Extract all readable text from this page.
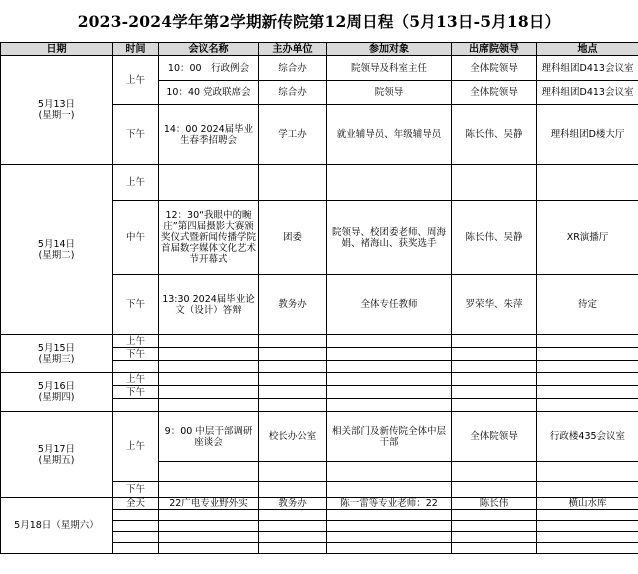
2023-2024学年第2学期新传院第12周日程（5月13日-5月18日）
日期	时间	会议名称	主办单位	参加对象	出席院领导	地点
5月13日
(星期一)	上午	10：00　行政例会	综合办	院领导及科室主任	全体院领导	理科组团D413会议室
		10：40 党政联席会	综合办	院领导	全体院领导	理科组团D413会议室
	下午	14：00 2024届毕业生春季招聘会	学工办	就业辅导员、年级辅导员	陈长伟、吴静	理科组团D楼大厅
5月14日
(星期二)	上午					
	中午	12：30“我眼中的畹庄”第四届摄影大赛颁奖仪式暨新闻传播学院首届数字媒体文化艺术节开幕式	团委	院领导、校团委老师、周海娟、褚海山、获奖选手	陈长伟、吴静	XR演播厅
	下午	13:30 2024届毕业论文（设计）答辩	教务办	全体专任教师	罗荣华、朱萍	待定
5月15日
(星期三)	上午					
	下午					

5月16日
(星期四)	上午					
	下午					

5月17日
(星期五)	上午	9：00 中层干部调研座谈会	校长办公室	相关部门及新传院全体中层干部	全体院领导	行政楼435会议室

	下午					
5月18日（星期六）	全天	22广电专业野外实	教务办	陈一雷等专业老师：22	陈长伟	横山水库
